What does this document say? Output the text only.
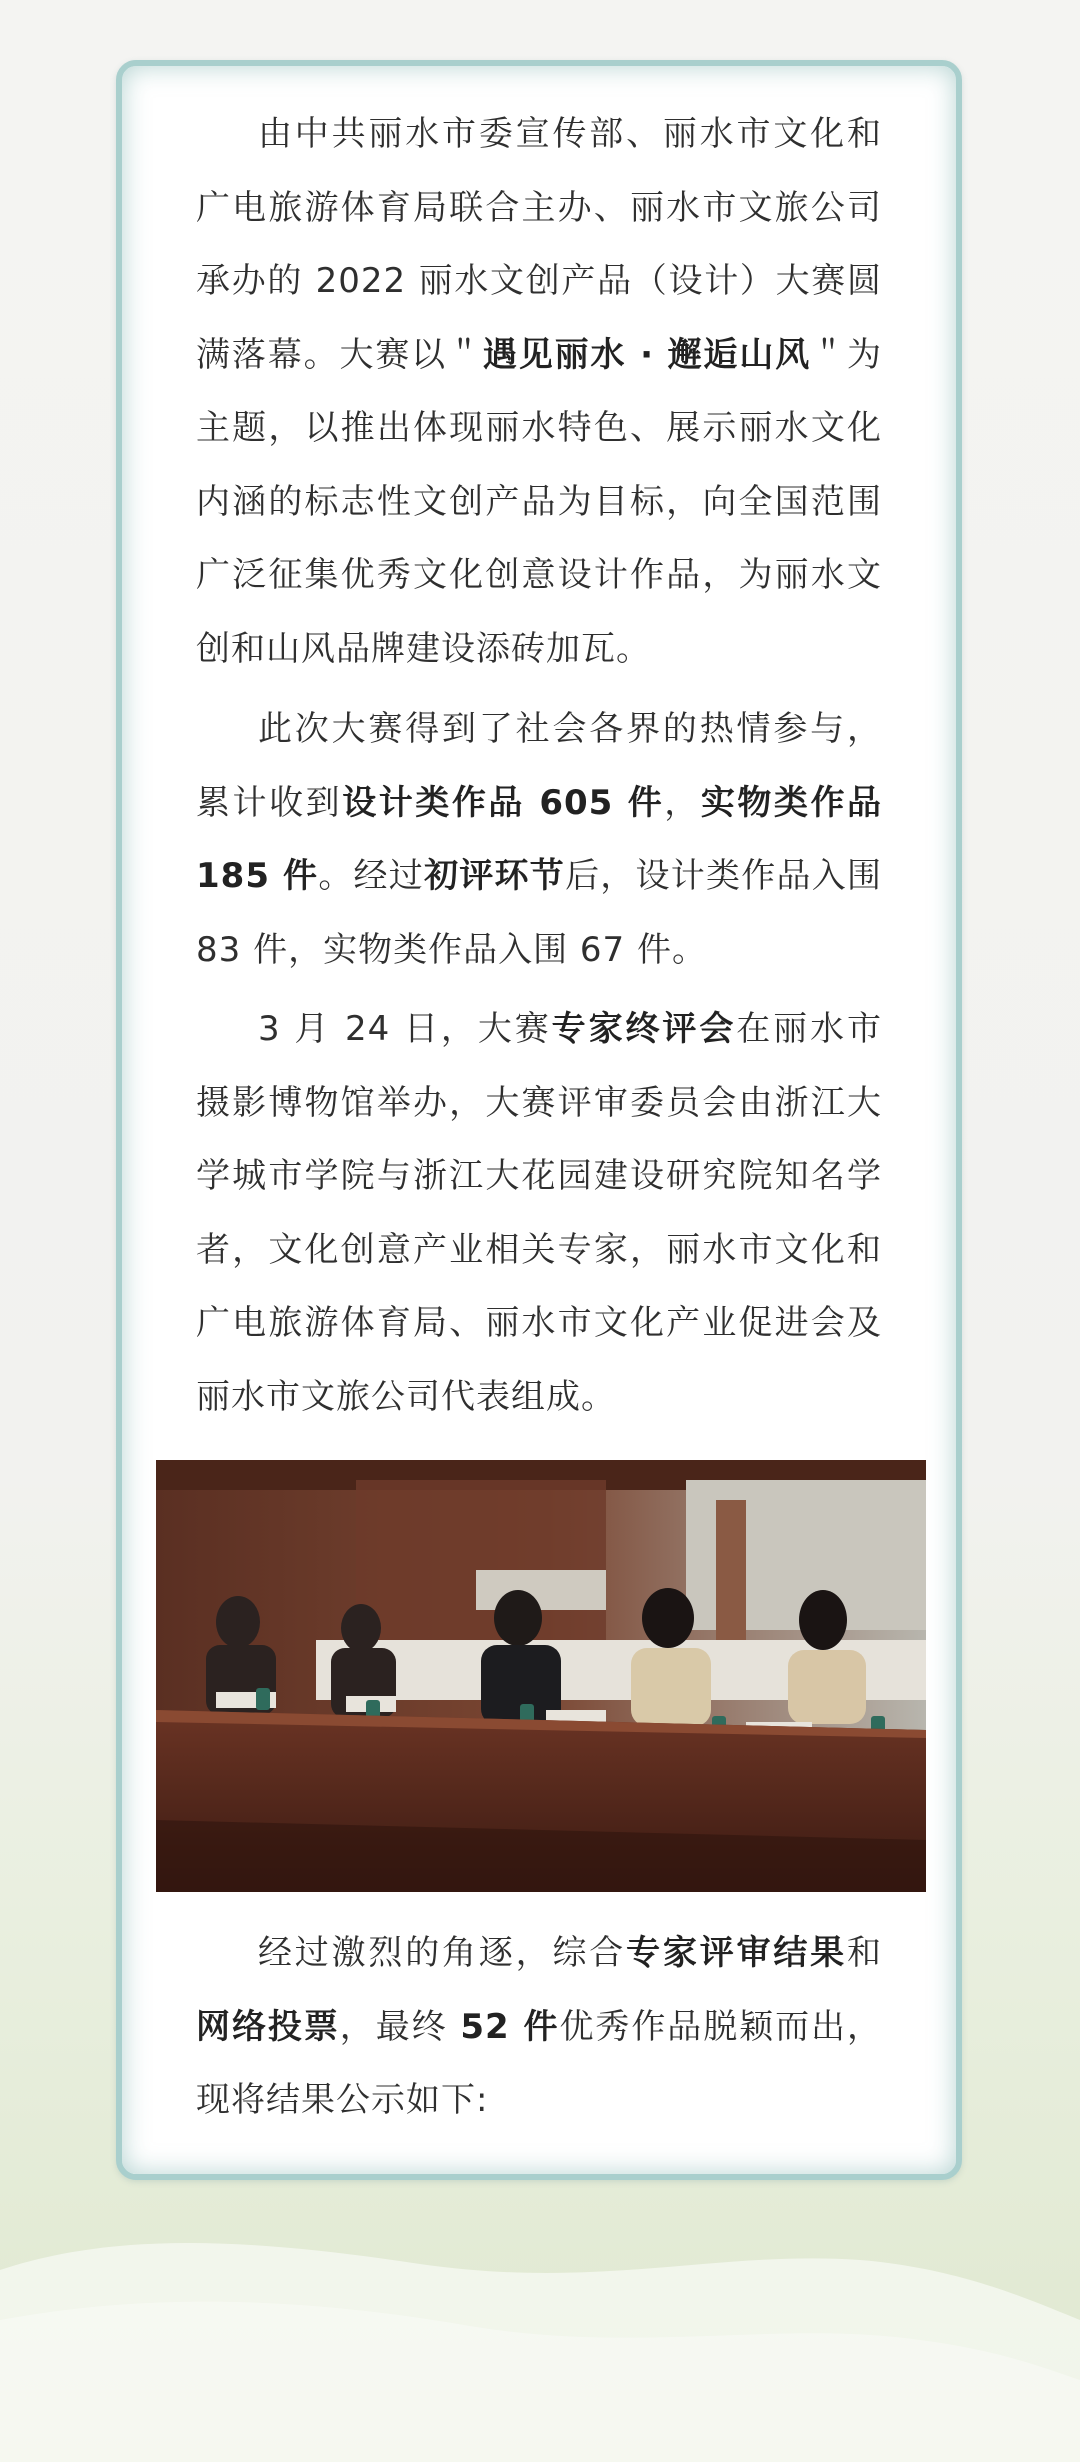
由中共丽水市委宣传部、丽水市文化和广电旅游体育局联合主办、丽水市文旅公司承办的 2022 丽水文创产品（设计）大赛圆满落幕。大赛以＂遇见丽水 · 邂逅山风＂为主题，以推出体现丽水特色、展示丽水文化内涵的标志性文创产品为目标，向全国范围广泛征集优秀文化创意设计作品，为丽水文创和山风品牌建设添砖加瓦。

此次大赛得到了社会各界的热情参与，累计收到设计类作品 605 件，实物类作品 185 件。经过初评环节后，设计类作品入围 83 件，实物类作品入围 67 件。

3 月 24 日，大赛专家终评会在丽水市摄影博物馆举办，大赛评审委员会由浙江大学城市学院与浙江大花园建设研究院知名学者，文化创意产业相关专家，丽水市文化和广电旅游体育局、丽水市文化产业促进会及丽水市文旅公司代表组成。

经过激烈的角逐，综合专家评审结果和网络投票，最终 52 件优秀作品脱颖而出，现将结果公示如下:
